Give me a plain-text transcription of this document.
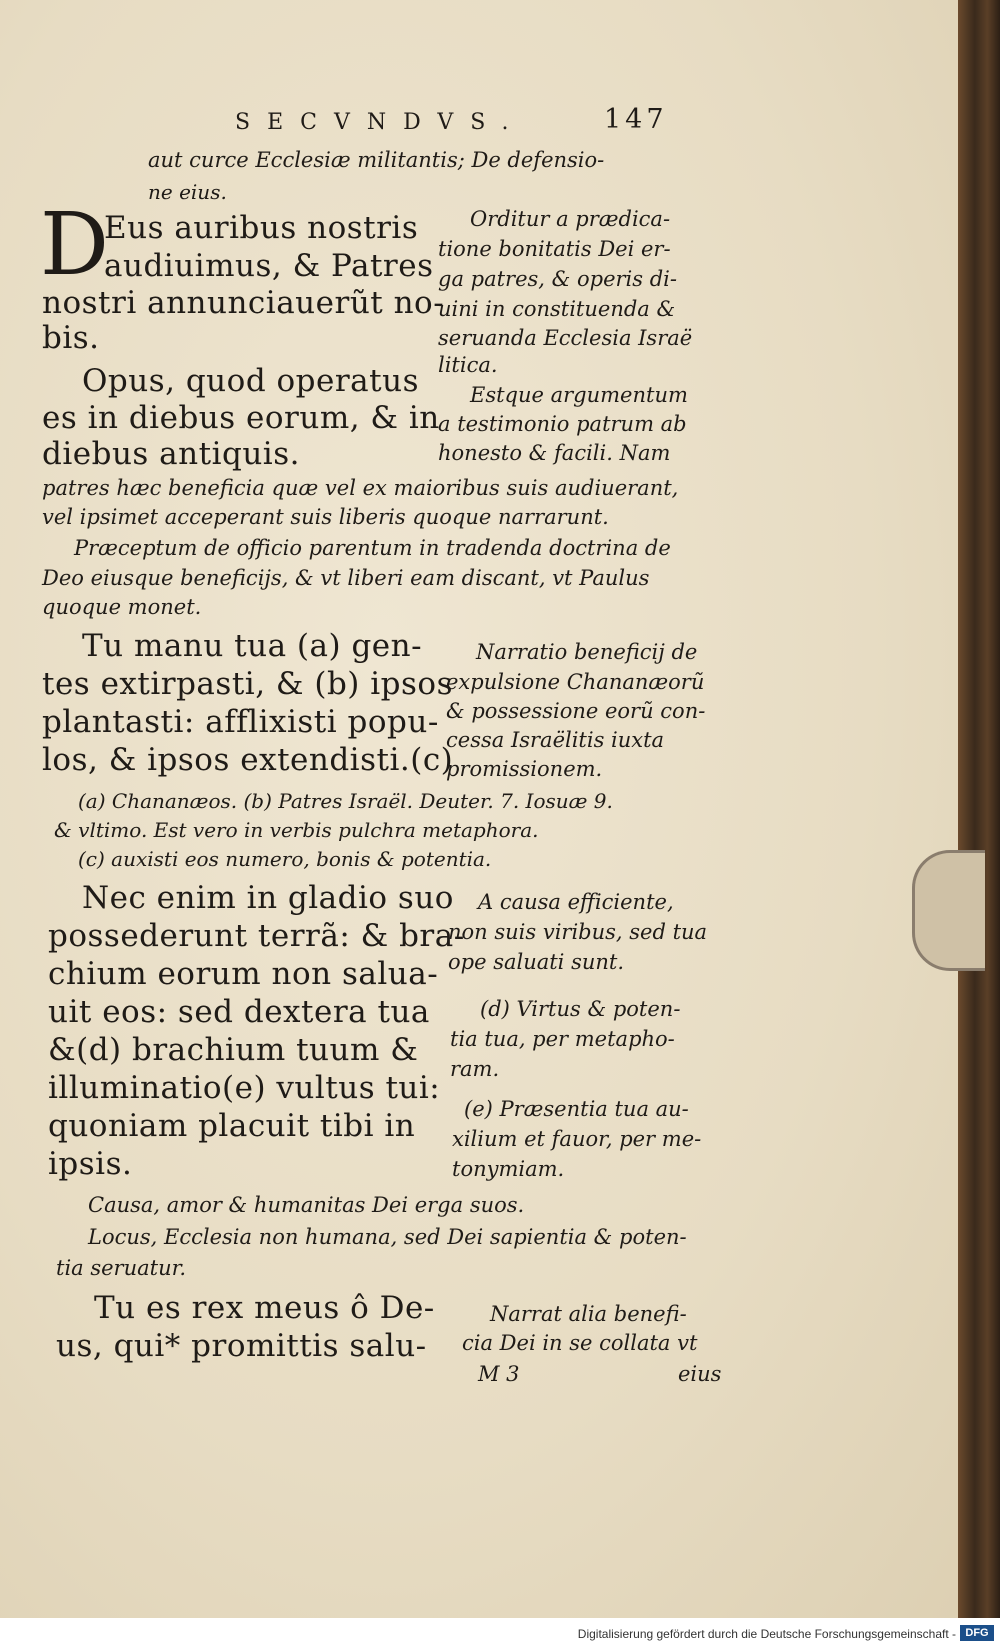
SECVNDVS.	147
aut curce Ecclesiæ militantis; De defensio-
ne eius.
D
Eus auribus nostris
audiuimus, & Patres
nostri annunciauerũt no-
bis.
Orditur a prædica-
tione bonitatis Dei er-
ga patres, & operis di-
uini in constituenda &
seruanda Ecclesia Israë
litica.
Opus, quod operatus
es in diebus eorum, & in
diebus antiquis.
Estque argumentum
a testimonio patrum ab
honesto & facili. Nam
patres hæc beneficia quæ vel ex maioribus suis audiuerant,
vel ipsimet acceperant suis liberis quoque narrarunt.
Præceptum de officio parentum in tradenda doctrina de
Deo eiusque beneficijs, & vt liberi eam discant, vt Paulus
quoque monet.
Tu manu tua (a) gen-
tes extirpasti, & (b) ipsos
plantasti: afflixisti popu-
los, & ipsos extendisti.(c)
Narratio beneficij de
expulsione Chananæorũ
& possessione eorũ con-
cessa Israëlitis iuxta
promissionem.
(a) Chananæos. (b) Patres Israël. Deuter. 7. Iosuæ 9.
& vltimo. Est vero in verbis pulchra metaphora.
(c) auxisti eos numero, bonis & potentia.
Nec enim in gladio suo
possederunt terrã: & bra-
chium eorum non salua-
uit eos: sed dextera tua
&(d) brachium tuum &
illuminatio(e) vultus tui:
quoniam placuit tibi in
ipsis.
A causa efficiente,
non suis viribus, sed tua
ope saluati sunt.
(d) Virtus & poten-
tia tua, per metapho-
ram.
(e) Præsentia tua au-
xilium et fauor, per me-
tonymiam.
Causa, amor & humanitas Dei erga suos.
Locus, Ecclesia non humana, sed Dei sapientia & poten-
tia seruatur.
Tu es rex meus ô De-
us, qui* promittis salu-
Narrat alia benefi-
cia Dei in se collata vt
M 3	eius
Digitalisierung gefördert durch die Deutsche Forschungsgemeinschaft - DFG
